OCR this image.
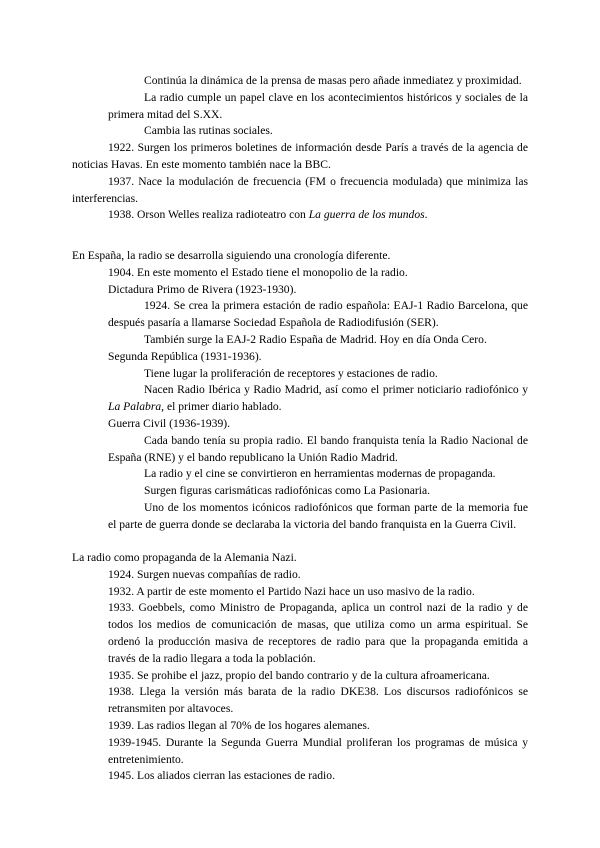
Continúa la dinámica de la prensa de masas pero añade inmediatez y proximidad.

La radio cumple un papel clave en los acontecimientos históricos y sociales de la primera mitad del S.XX.

Cambia las rutinas sociales.

1922. Surgen los primeros boletines de información desde París a través de la agencia de noticias Havas. En este momento también nace la BBC.

1937. Nace la modulación de frecuencia (FM o frecuencia modulada) que minimiza las interferencias.

1938. Orson Welles realiza radioteatro con La guerra de los mundos.

En España, la radio se desarrolla siguiendo una cronología diferente.

1904. En este momento el Estado tiene el monopolio de la radio.

Dictadura Primo de Rivera (1923-1930).

1924. Se crea la primera estación de radio española: EAJ-1 Radio Barcelona, que después pasaría a llamarse Sociedad Española de Radiodifusión (SER).

También surge la EAJ-2 Radio España de Madrid. Hoy en día Onda Cero.

Segunda República (1931-1936).

Tiene lugar la proliferación de receptores y estaciones de radio.

Nacen Radio Ibérica y Radio Madrid, así como el primer noticiario radiofónico y La Palabra, el primer diario hablado.

Guerra Civil (1936-1939).

Cada bando tenía su propia radio. El bando franquista tenía la Radio Nacional de España (RNE) y el bando republicano la Unión Radio Madrid.

La radio y el cine se convirtieron en herramientas modernas de propaganda.

Surgen figuras carismáticas radiofónicas como La Pasionaria.

Uno de los momentos icónicos radiofónicos que forman parte de la memoria fue el parte de guerra donde se declaraba la victoria del bando franquista en la Guerra Civil.

La radio como propaganda de la Alemania Nazi.

1924. Surgen nuevas compañías de radio.

1932. A partir de este momento el Partido Nazi hace un uso masivo de la radio.

1933. Goebbels, como Ministro de Propaganda, aplica un control nazi de la radio y de todos los medios de comunicación de masas, que utiliza como un arma espiritual. Se ordenó la producción masiva de receptores de radio para que la propaganda emitida a través de la radio llegara a toda la población.

1935. Se prohibe el jazz, propio del bando contrario y de la cultura afroamericana.

1938. Llega la versión más barata de la radio DKE38. Los discursos radiofónicos se retransmiten por altavoces.

1939. Las radios llegan al 70% de los hogares alemanes.

1939-1945. Durante la Segunda Guerra Mundial proliferan los programas de música y entretenimiento.

1945. Los aliados cierran las estaciones de radio.
